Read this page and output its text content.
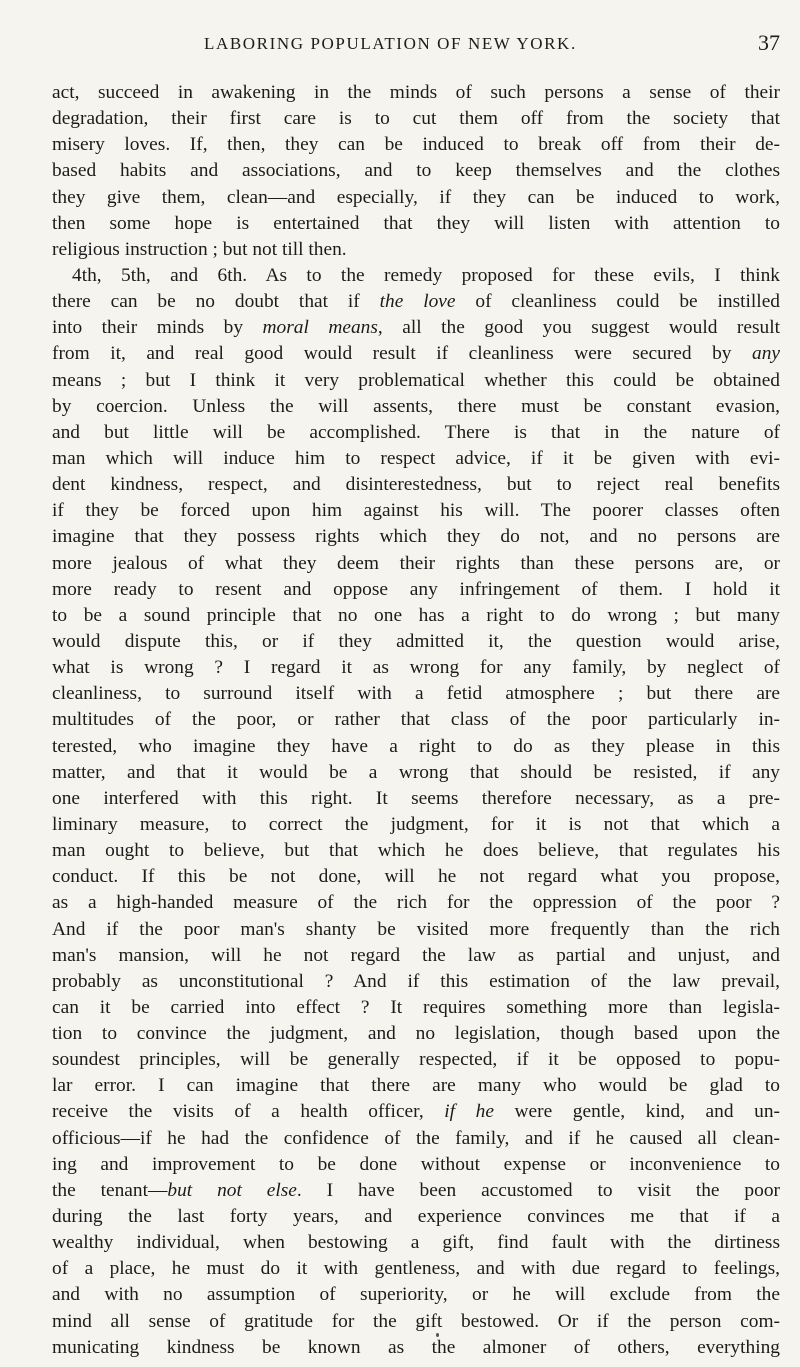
LABORING POPULATION OF NEW YORK.	37
act, succeed in awakening in the minds of such persons a sense of their
degradation, their first care is to cut them off from the society that
misery loves. If, then, they can be induced to break off from their de-
based habits and associations, and to keep themselves and the clothes
they give them, clean—and especially, if they can be induced to work,
then some hope is entertained that they will listen with attention to
religious instruction ; but not till then.
4th, 5th, and 6th. As to the remedy proposed for these evils, I think
there can be no doubt that if the love of cleanliness could be instilled
into their minds by moral means, all the good you suggest would result
from it, and real good would result if cleanliness were secured by any
means ; but I think it very problematical whether this could be obtained
by coercion. Unless the will assents, there must be constant evasion,
and but little will be accomplished. There is that in the nature of
man which will induce him to respect advice, if it be given with evi-
dent kindness, respect, and disinterestedness, but to reject real benefits
if they be forced upon him against his will. The poorer classes often
imagine that they possess rights which they do not, and no persons are
more jealous of what they deem their rights than these persons are, or
more ready to resent and oppose any infringement of them. I hold it
to be a sound principle that no one has a right to do wrong ; but many
would dispute this, or if they admitted it, the question would arise,
what is wrong ? I regard it as wrong for any family, by neglect of
cleanliness, to surround itself with a fetid atmosphere ; but there are
multitudes of the poor, or rather that class of the poor particularly in-
terested, who imagine they have a right to do as they please in this
matter, and that it would be a wrong that should be resisted, if any
one interfered with this right. It seems therefore necessary, as a pre-
liminary measure, to correct the judgment, for it is not that which a
man ought to believe, but that which he does believe, that regulates his
conduct. If this be not done, will he not regard what you propose,
as a high-handed measure of the rich for the oppression of the poor ?
And if the poor man's shanty be visited more frequently than the rich
man's mansion, will he not regard the law as partial and unjust, and
probably as unconstitutional ? And if this estimation of the law prevail,
can it be carried into effect ? It requires something more than legisla-
tion to convince the judgment, and no legislation, though based upon the
soundest principles, will be generally respected, if it be opposed to popu-
lar error. I can imagine that there are many who would be glad to
receive the visits of a health officer, if he were gentle, kind, and un-
officious—if he had the confidence of the family, and if he caused all clean-
ing and improvement to be done without expense or inconvenience to
the tenant—but not else. I have been accustomed to visit the poor
during the last forty years, and experience convinces me that if a
wealthy individual, when bestowing a gift, find fault with the dirtiness
of a place, he must do it with gentleness, and with due regard to feelings,
and with no assumption of superiority, or he will exclude from the
mind all sense of gratitude for the gift bestowed. Or if the person com-
municating kindness be known as the almoner of others, everything
